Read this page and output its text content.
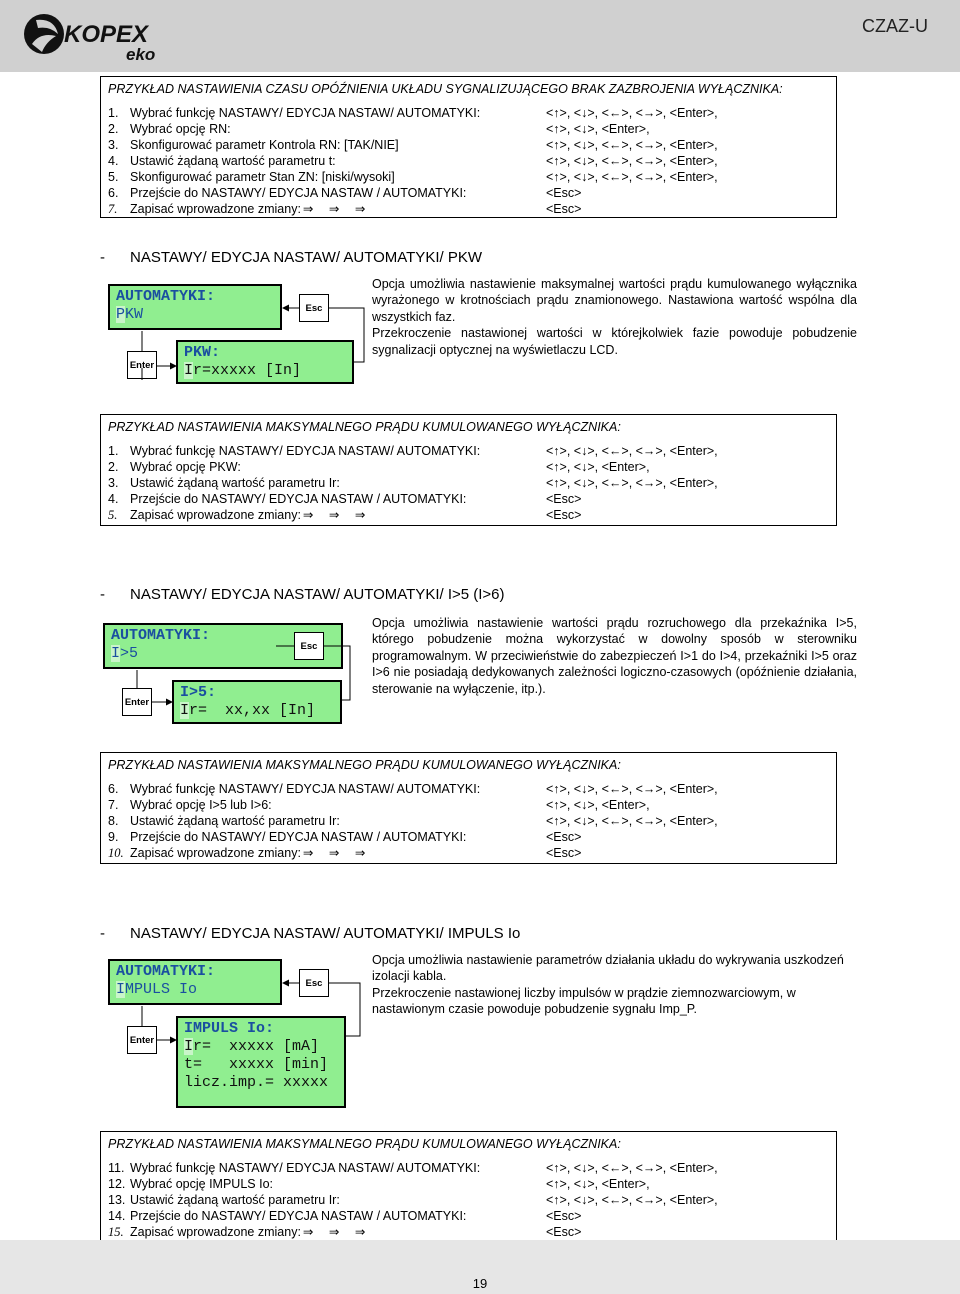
KOPEX
eko
CZAZ-U
PRZYKŁAD NASTAWIENIA CZASU OPÓŹNIENIA UKŁADU SYGNALIZUJĄCEGO BRAK ZAZBROJENIA WYŁĄCZNIKA:
1. Wybrać funkcję NASTAWY/ EDYCJA NASTAW/ AUTOMATYKI:	<↑>, <↓>, <←>, <→>, <Enter>,
2. Wybrać opcję RN:	<↑>, <↓>, <Enter>,
3. Skonfigurować parametr Kontrola RN: [TAK/NIE]	<↑>, <↓>, <←>, <→>, <Enter>,
4. Ustawić żądaną wartość parametru t:	<↑>, <↓>, <←>, <→>, <Enter>,
5. Skonfigurować parametr Stan ZN: [niski/wysoki]	<↑>, <↓>, <←>, <→>, <Enter>,
6. Przejście do NASTAWY/ EDYCJA NASTAW / AUTOMATYKI:	<Esc>
7. Zapisać wprowadzone zmiany: ⇒ ⇒ ⇒	<Esc>
- NASTAWY/ EDYCJA NASTAW/ AUTOMATYKI/ PKW
AUTOMATYKI:
PKW	Esc
Enter
PKW:
Ir=xxxxx [In]

Opcja umożliwia nastawienie maksymalnej wartości prądu kumulowanego wyłącznika wyrażonego w krotnościach prądu znamionowego. Nastawiona wartość wspólna dla wszystkich faz.

Przekroczenie nastawionej wartości w którejkolwiek fazie powoduje pobudzenie sygnalizacji optycznej na wyświetlaczu LCD.

PRZYKŁAD NASTAWIENIA MAKSYMALNEGO PRĄDU KUMULOWANEGO WYŁĄCZNIKA:
1. Wybrać funkcję NASTAWY/ EDYCJA NASTAW/ AUTOMATYKI:	<↑>, <↓>, <←>, <→>, <Enter>,
2. Wybrać opcję PKW:	<↑>, <↓>, <Enter>,
3. Ustawić żądaną wartość parametru Ir:	<↑>, <↓>, <←>, <→>, <Enter>,
4. Przejście do NASTAWY/ EDYCJA NASTAW / AUTOMATYKI:	<Esc>
5. Zapisać wprowadzone zmiany: ⇒ ⇒ ⇒	<Esc>
- NASTAWY/ EDYCJA NASTAW/ AUTOMATYKI/ I>5 (I>6)
AUTOMATYKI:
I>5	Esc
Enter
I>5:
Ir=  xx,xx [In]

Opcja umożliwia nastawienie wartości prądu rozruchowego dla przekaźnika I>5, którego pobudzenie można wykorzystać w dowolny sposób w sterowniku programowalnym. W przeciwieństwie do zabezpieczeń I>1 do I>4, przekaźniki I>5 oraz I>6 nie posiadają dedykowanych zależności logiczno-czasowych (opóźnienie działania, sterowanie na wyłączenie, itp.).

PRZYKŁAD NASTAWIENIA MAKSYMALNEGO PRĄDU KUMULOWANEGO WYŁĄCZNIKA:
6. Wybrać funkcję NASTAWY/ EDYCJA NASTAW/ AUTOMATYKI:	<↑>, <↓>, <←>, <→>, <Enter>,
7. Wybrać opcję I>5 lub I>6:	<↑>, <↓>, <Enter>,
8. Ustawić żądaną wartość parametru Ir:	<↑>, <↓>, <←>, <→>, <Enter>,
9. Przejście do NASTAWY/ EDYCJA NASTAW / AUTOMATYKI:	<Esc>
10. Zapisać wprowadzone zmiany: ⇒ ⇒ ⇒	<Esc>
- NASTAWY/ EDYCJA NASTAW/ AUTOMATYKI/ IMPULS Io
AUTOMATYKI:
IMPULS Io	Esc
Enter
IMPULS Io:
Ir=  xxxxx [mA]
t=   xxxxx [min]
licz.imp.= xxxxx

Opcja umożliwia nastawienie parametrów działania układu do wykrywania uszkodzeń izolacji kabla.

Przekroczenie nastawionej liczby impulsów w prądzie ziemnozwarciowym, w nastawionym czasie powoduje pobudzenie sygnału Imp_P.

PRZYKŁAD NASTAWIENIA MAKSYMALNEGO PRĄDU KUMULOWANEGO WYŁĄCZNIKA:
11. Wybrać funkcję NASTAWY/ EDYCJA NASTAW/ AUTOMATYKI:	<↑>, <↓>, <←>, <→>, <Enter>,
12. Wybrać opcję IMPULS Io:	<↑>, <↓>, <Enter>,
13. Ustawić żądaną wartość parametru Ir:	<↑>, <↓>, <←>, <→>, <Enter>,
14. Przejście do NASTAWY/ EDYCJA NASTAW / AUTOMATYKI:	<Esc>
15. Zapisać wprowadzone zmiany: ⇒ ⇒ ⇒	<Esc>
19
